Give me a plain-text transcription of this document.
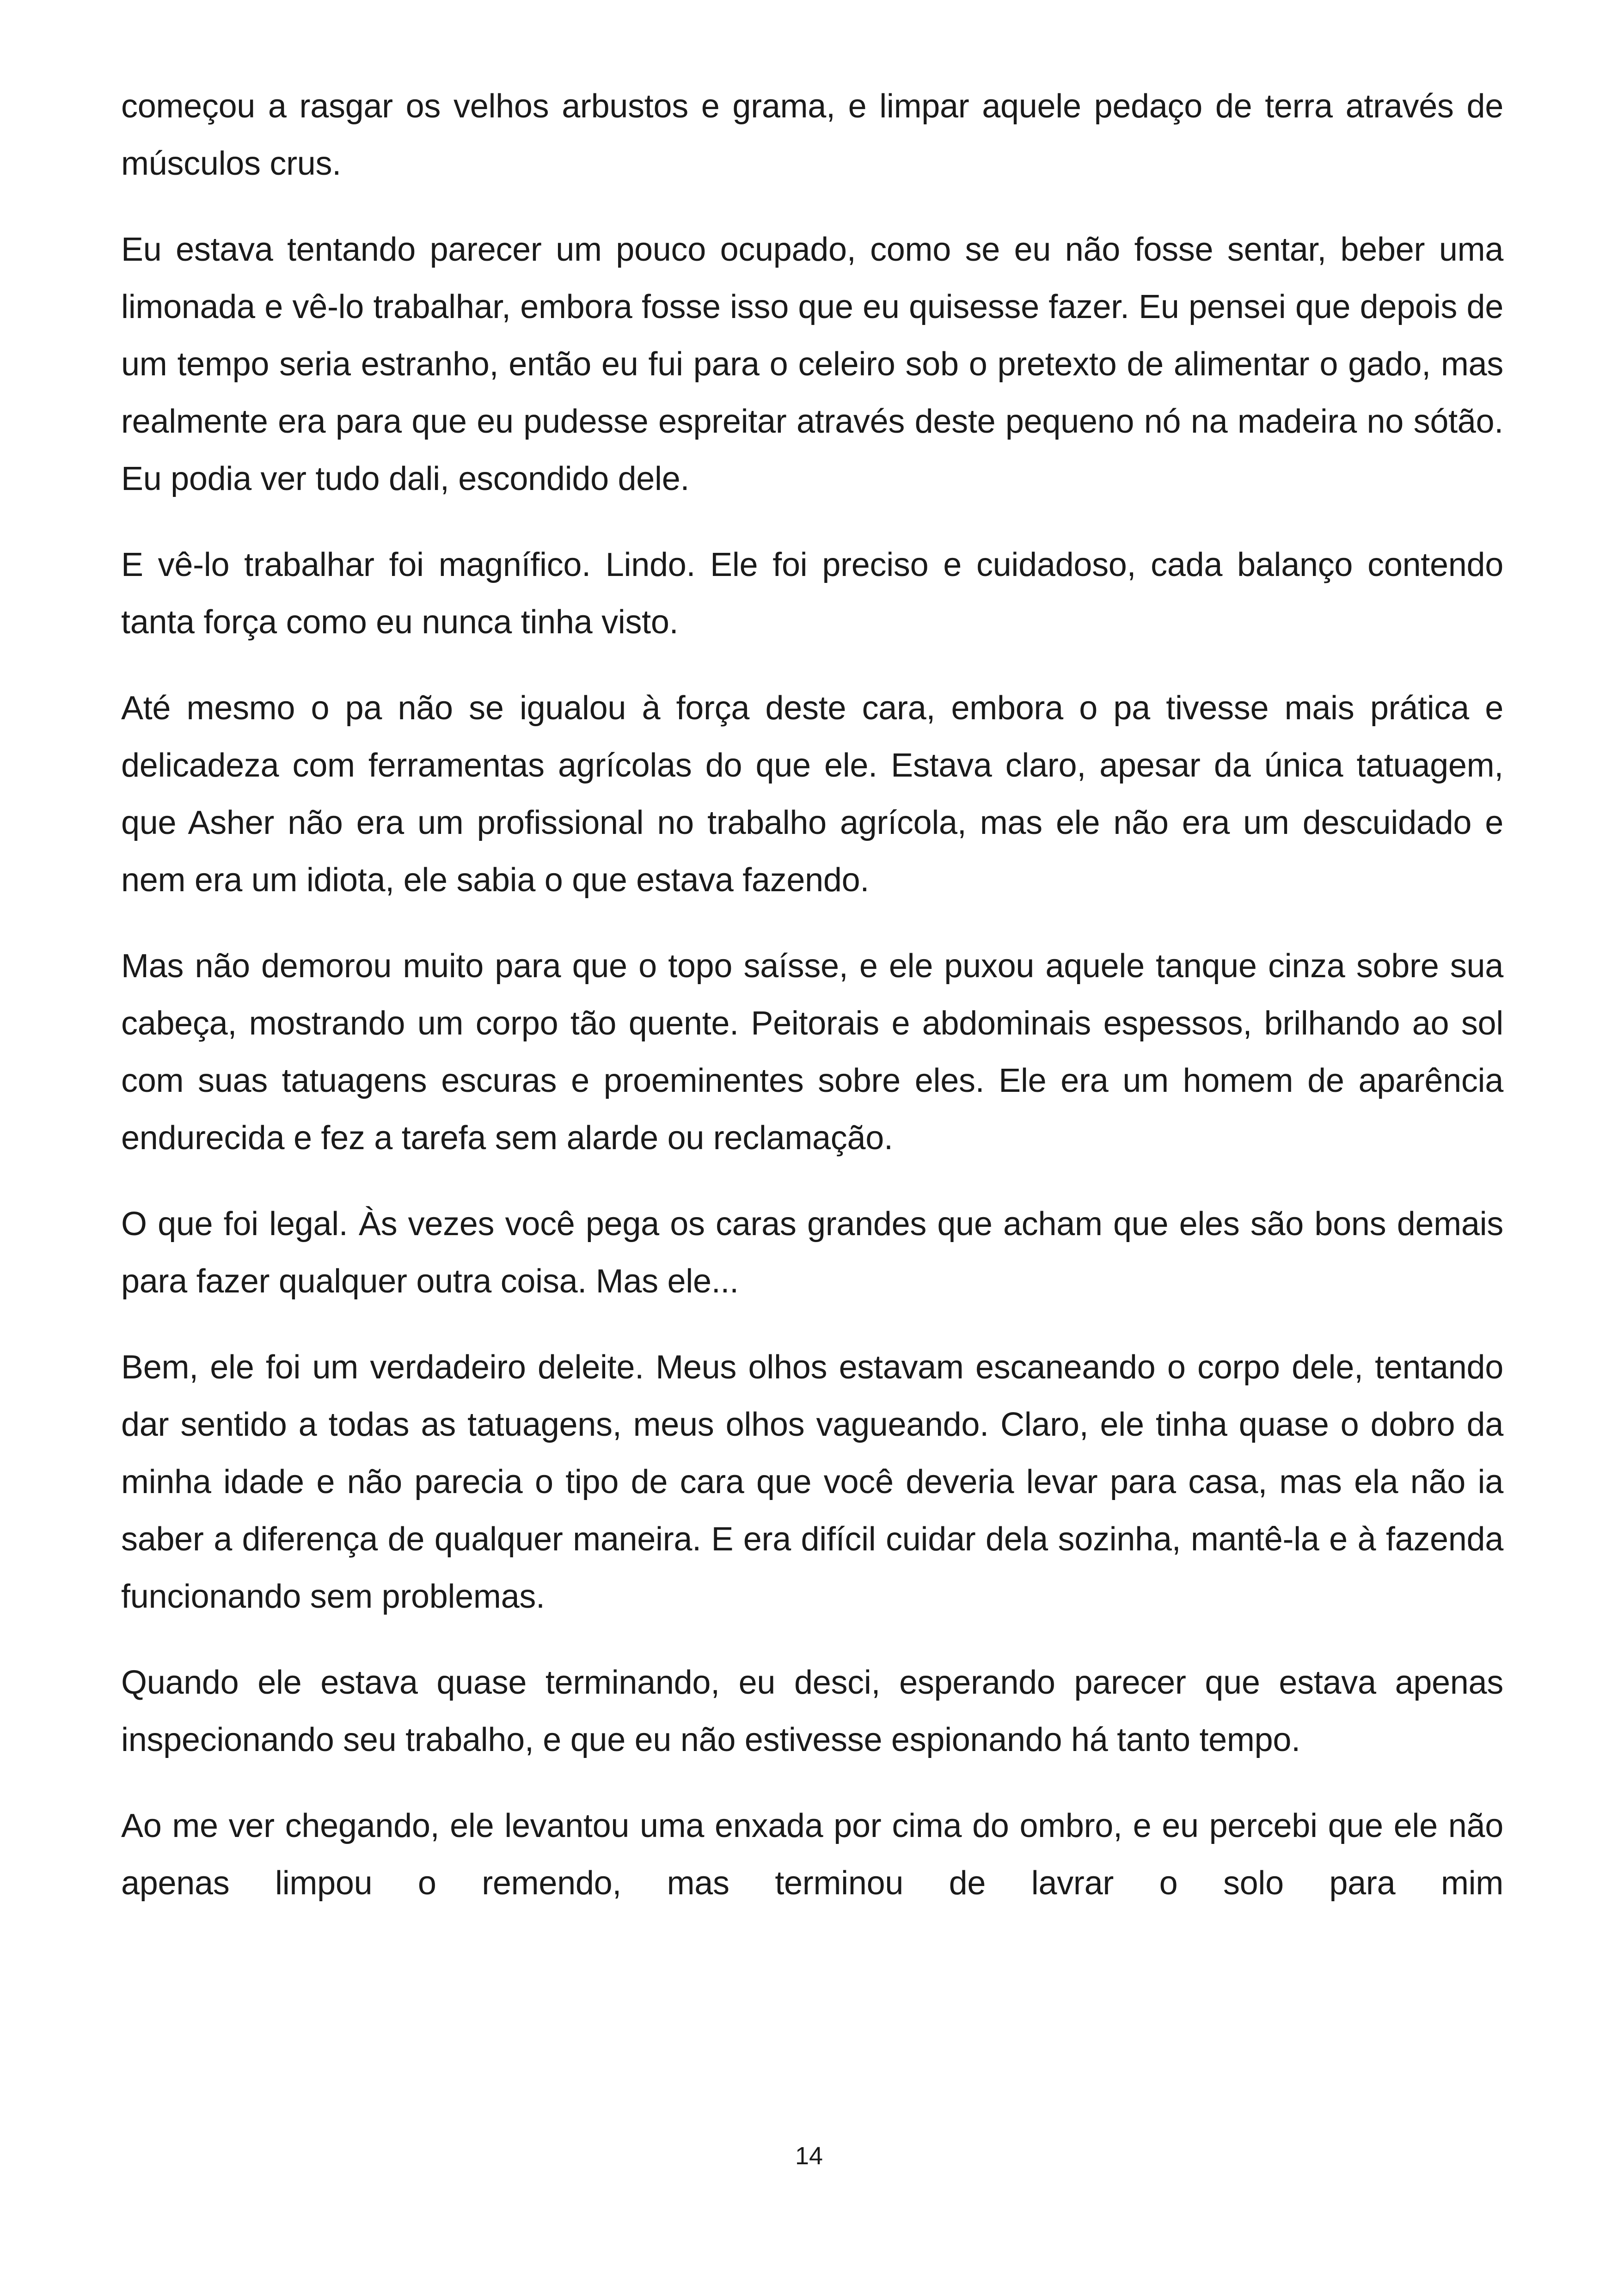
começou a rasgar os velhos arbustos e grama, e limpar aquele pedaço de terra através de músculos crus.

Eu estava tentando parecer um pouco ocupado, como se eu não fosse sentar, beber uma limonada e vê-lo trabalhar, embora fosse isso que eu quisesse fazer. Eu pensei que depois de um tempo seria estranho, então eu fui para o celeiro sob o pretexto de alimentar o gado, mas realmente era para que eu pudesse espreitar através deste pequeno nó na madeira no sótão. Eu podia ver tudo dali, escondido dele.

E vê-lo trabalhar foi magnífico. Lindo. Ele foi preciso e cuidadoso, cada balanço contendo tanta força como eu nunca tinha visto.

Até mesmo o pa não se igualou à força deste cara, embora o pa tivesse mais prática e delicadeza com ferramentas agrícolas do que ele. Estava claro, apesar da única tatuagem, que Asher não era um profissional no trabalho agrícola, mas ele não era um descuidado e nem era um idiota, ele sabia o que estava fazendo.

Mas não demorou muito para que o topo saísse, e ele puxou aquele tanque cinza sobre sua cabeça, mostrando um corpo tão quente. Peitorais e abdominais espessos, brilhando ao sol com suas tatuagens escuras e proeminentes sobre eles. Ele era um homem de aparência endurecida e fez a tarefa sem alarde ou reclamação.

O que foi legal. Às vezes você pega os caras grandes que acham que eles são bons demais para fazer qualquer outra coisa. Mas ele...

Bem, ele foi um verdadeiro deleite. Meus olhos estavam escaneando o corpo dele, tentando dar sentido a todas as tatuagens, meus olhos vagueando. Claro, ele tinha quase o dobro da minha idade e não parecia o tipo de cara que você deveria levar para casa, mas ela não ia saber a diferença de qualquer maneira. E era difícil cuidar dela sozinha, mantê-la e à fazenda funcionando sem problemas.

Quando ele estava quase terminando, eu desci, esperando parecer que estava apenas inspecionando seu trabalho, e que eu não estivesse espionando há tanto tempo.

Ao me ver chegando, ele levantou uma enxada por cima do ombro, e eu percebi que ele não apenas limpou o remendo, mas terminou de lavrar o solo para mim

14
